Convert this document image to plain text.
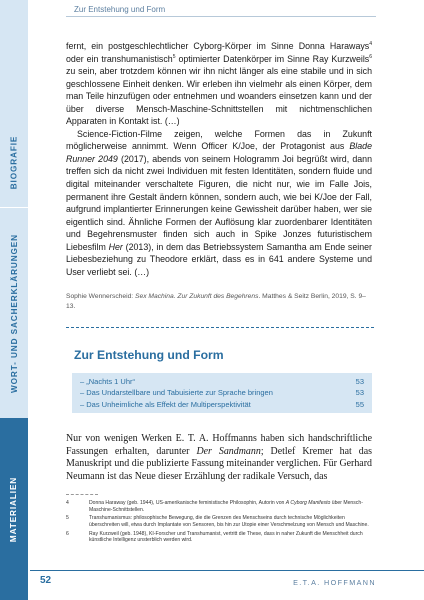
BIOGRAFIE
WORT- UND SACHERKLÄRUNGEN
MATERIALIEN
Zur Entstehung und Form

fernt, ein postgeschlechtlicher Cyborg-Körper im Sinne Donna Haraways$^4$ oder ein transhumanistisch$^5$ optimierter Datenkörper im Sinne Ray Kurzweils$^6$ zu sein, aber trotzdem können wir ihn nicht länger als eine stabile und in sich geschlossene Einheit denken. Wir erleben ihn vielmehr als einen Körper, dem man Teile hinzufügen oder entnehmen und woanders einsetzen kann und der über diverse Mensch-Maschine-Schnittstellen mit nichtmenschlichen Apparaten in Kontakt ist. (…)

Science-Fiction-Filme zeigen, welche Formen das in Zukunft möglicherweise annimmt. Wenn Officer K/Joe, der Protagonist aus Blade Runner 2049 (2017), abends von seinem Hologramm Joi begrüßt wird, dann treffen sich da nicht zwei Individuen mit festen Identitäten, sondern fluide und digital miteinander verschaltete Figuren, die nicht nur, wie im Falle Jois, permanent ihre Gestalt ändern können, sondern auch, wie bei K/Joe der Fall, aufgrund implantierter Erinnerungen keine Gewissheit darüber haben, wer sie eigentlich sind. Ähnliche Formen der Auflösung klar zuordenbarer Identitäten und Begehrensmuster finden sich auch in Spike Jonzes futuristischem Liebesfilm Her (2013), in dem das Betriebssystem Samantha am Ende seiner Liebesbeziehung zu Theodore erklärt, dass es in 641 andere Systeme und User verliebt sei. (…)

Sophie Wennerscheid: Sex Machina. Zur Zukunft des Begehrens. Matthes & Seitz Berlin, 2019, S. 9–13.
Zur Entstehung und Form
– „Nachts 1 Uhr“	53
– Das Undarstellbare und Tabuisierte zur Sprache bringen	53
– Das Unheimliche als Effekt der Multiperspektivität	55

Nur von wenigen Werken E. T. A. Hoffmanns haben sich handschriftliche Fassungen erhalten, darunter Der Sandmann; Detlef Kremer hat das Manuskript und die publizierte Fassung miteinander verglichen. Für Gerhard Neumann ist das Neue dieser Erzählung der radikale Versuch, das

4	Donna Haraway (geb. 1944), US-amerikanische feministische Philosophin, Autorin von A Cyborg Manifesto über Mensch-Maschine-Schnittstellen.
5	Transhumanismus: philosophische Bewegung, die die Grenzen des Menschseins durch technische Möglichkeiten überschreiten will, etwa durch Implantate von Sensoren, bis hin zur Utopie einer Verschmelzung von Mensch und Maschine.
6	Ray Kurzweil (geb. 1948), KI-Forscher und Transhumanist, vertritt die These, dass in naher Zukunft die Menschheit durch künstliche Intelligenz unsterblich werden wird.
52	E.T.A. HOFFMANN
